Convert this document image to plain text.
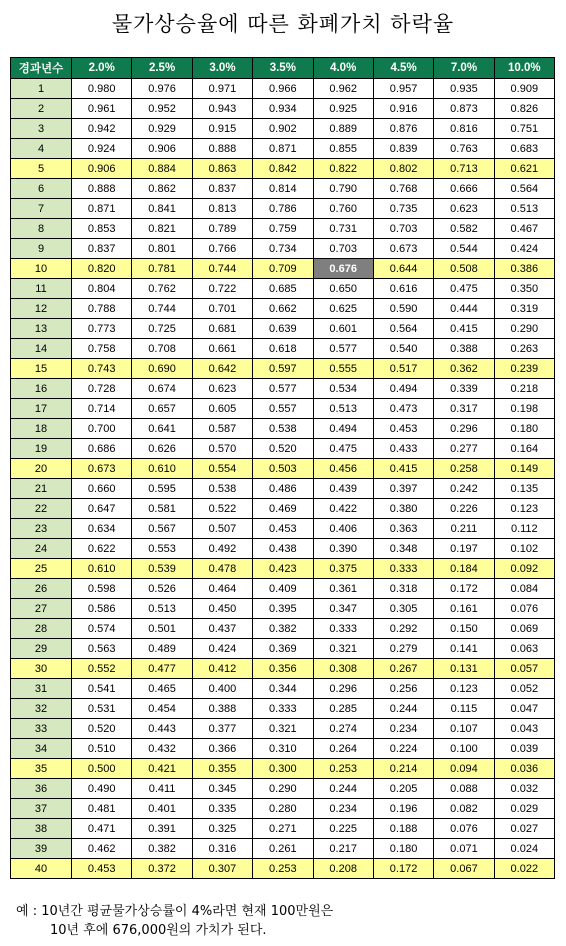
물가상승율에 따른 화폐가치 하락율
경과년수	2.0%	2.5%	3.0%	3.5%	4.0%	4.5%	7.0%	10.0%
1	0.980	0.976	0.971	0.966	0.962	0.957	0.935	0.909
2	0.961	0.952	0.943	0.934	0.925	0.916	0.873	0.826
3	0.942	0.929	0.915	0.902	0.889	0.876	0.816	0.751
4	0.924	0.906	0.888	0.871	0.855	0.839	0.763	0.683
5	0.906	0.884	0.863	0.842	0.822	0.802	0.713	0.621
6	0.888	0.862	0.837	0.814	0.790	0.768	0.666	0.564
7	0.871	0.841	0.813	0.786	0.760	0.735	0.623	0.513
8	0.853	0.821	0.789	0.759	0.731	0.703	0.582	0.467
9	0.837	0.801	0.766	0.734	0.703	0.673	0.544	0.424
10	0.820	0.781	0.744	0.709	0.676	0.644	0.508	0.386
11	0.804	0.762	0.722	0.685	0.650	0.616	0.475	0.350
12	0.788	0.744	0.701	0.662	0.625	0.590	0.444	0.319
13	0.773	0.725	0.681	0.639	0.601	0.564	0.415	0.290
14	0.758	0.708	0.661	0.618	0.577	0.540	0.388	0.263
15	0.743	0.690	0.642	0.597	0.555	0.517	0.362	0.239
16	0.728	0.674	0.623	0.577	0.534	0.494	0.339	0.218
17	0.714	0.657	0.605	0.557	0.513	0.473	0.317	0.198
18	0.700	0.641	0.587	0.538	0.494	0.453	0.296	0.180
19	0.686	0.626	0.570	0.520	0.475	0.433	0.277	0.164
20	0.673	0.610	0.554	0.503	0.456	0.415	0.258	0.149
21	0.660	0.595	0.538	0.486	0.439	0.397	0.242	0.135
22	0.647	0.581	0.522	0.469	0.422	0.380	0.226	0.123
23	0.634	0.567	0.507	0.453	0.406	0.363	0.211	0.112
24	0.622	0.553	0.492	0.438	0.390	0.348	0.197	0.102
25	0.610	0.539	0.478	0.423	0.375	0.333	0.184	0.092
26	0.598	0.526	0.464	0.409	0.361	0.318	0.172	0.084
27	0.586	0.513	0.450	0.395	0.347	0.305	0.161	0.076
28	0.574	0.501	0.437	0.382	0.333	0.292	0.150	0.069
29	0.563	0.489	0.424	0.369	0.321	0.279	0.141	0.063
30	0.552	0.477	0.412	0.356	0.308	0.267	0.131	0.057
31	0.541	0.465	0.400	0.344	0.296	0.256	0.123	0.052
32	0.531	0.454	0.388	0.333	0.285	0.244	0.115	0.047
33	0.520	0.443	0.377	0.321	0.274	0.234	0.107	0.043
34	0.510	0.432	0.366	0.310	0.264	0.224	0.100	0.039
35	0.500	0.421	0.355	0.300	0.253	0.214	0.094	0.036
36	0.490	0.411	0.345	0.290	0.244	0.205	0.088	0.032
37	0.481	0.401	0.335	0.280	0.234	0.196	0.082	0.029
38	0.471	0.391	0.325	0.271	0.225	0.188	0.076	0.027
39	0.462	0.382	0.316	0.261	0.217	0.180	0.071	0.024
40	0.453	0.372	0.307	0.253	0.208	0.172	0.067	0.022
예 : 10년간 평균물가상승률이 4%라면 현재 100만원은
10년 후에 676,000원의 가치가 된다.
